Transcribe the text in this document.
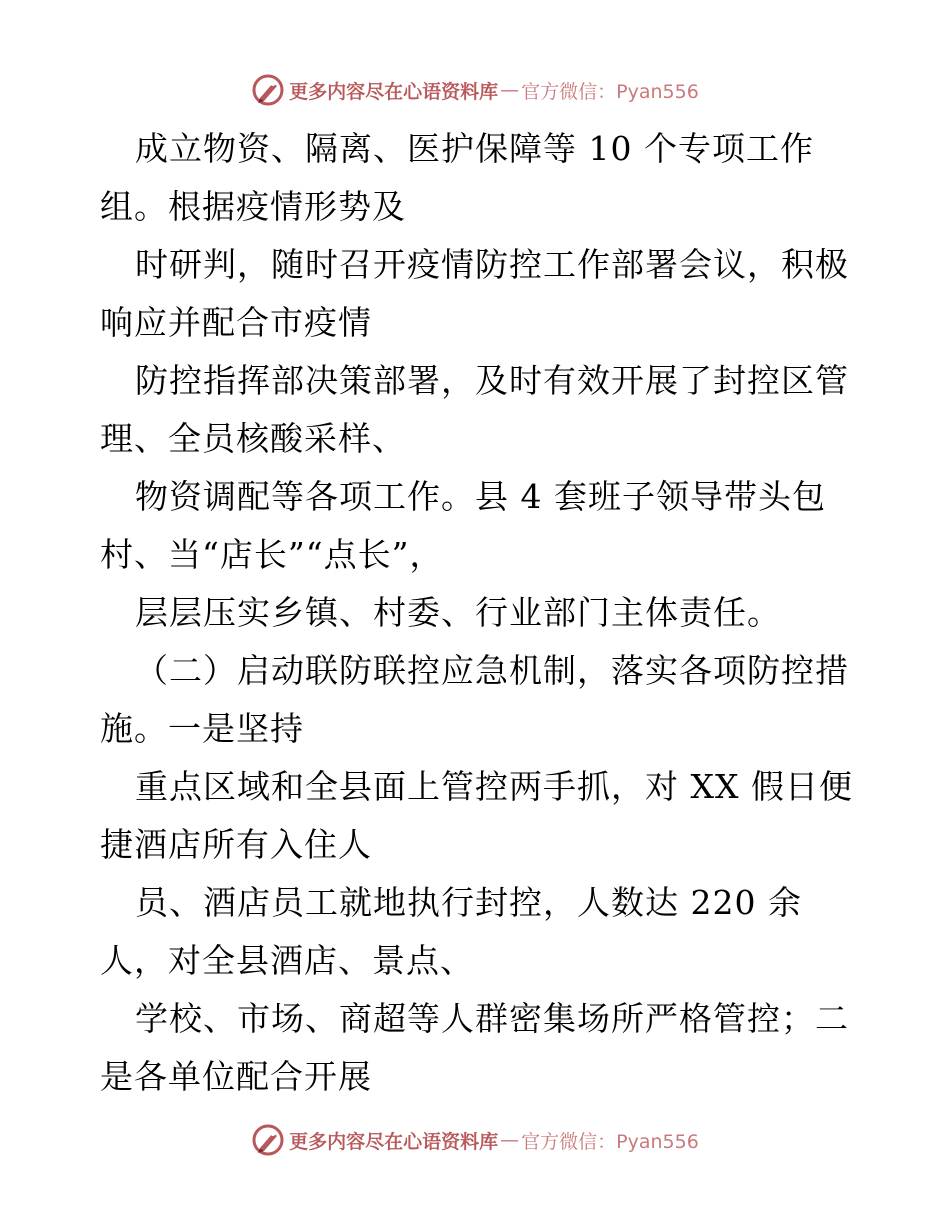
更多内容尽在心语资料库 — 官方微信：Pyan556
成立物资、隔离、医护保障等 10 个专项工作
组。根据疫情形势及
时研判，随时召开疫情防控工作部署会议，积极
响应并配合市疫情
防控指挥部决策部署，及时有效开展了封控区管
理、全员核酸采样、
物资调配等各项工作。县 4 套班子领导带头包
村、当“店长”“点长”，
层层压实乡镇、村委、行业部门主体责任。
（二）启动联防联控应急机制，落实各项防控措
施。一是坚持
重点区域和全县面上管控两手抓，对 XX 假日便
捷酒店所有入住人
员、酒店员工就地执行封控，人数达 220 余
人，对全县酒店、景点、
学校、市场、商超等人群密集场所严格管控；二
是各单位配合开展
更多内容尽在心语资料库 — 官方微信：Pyan556
